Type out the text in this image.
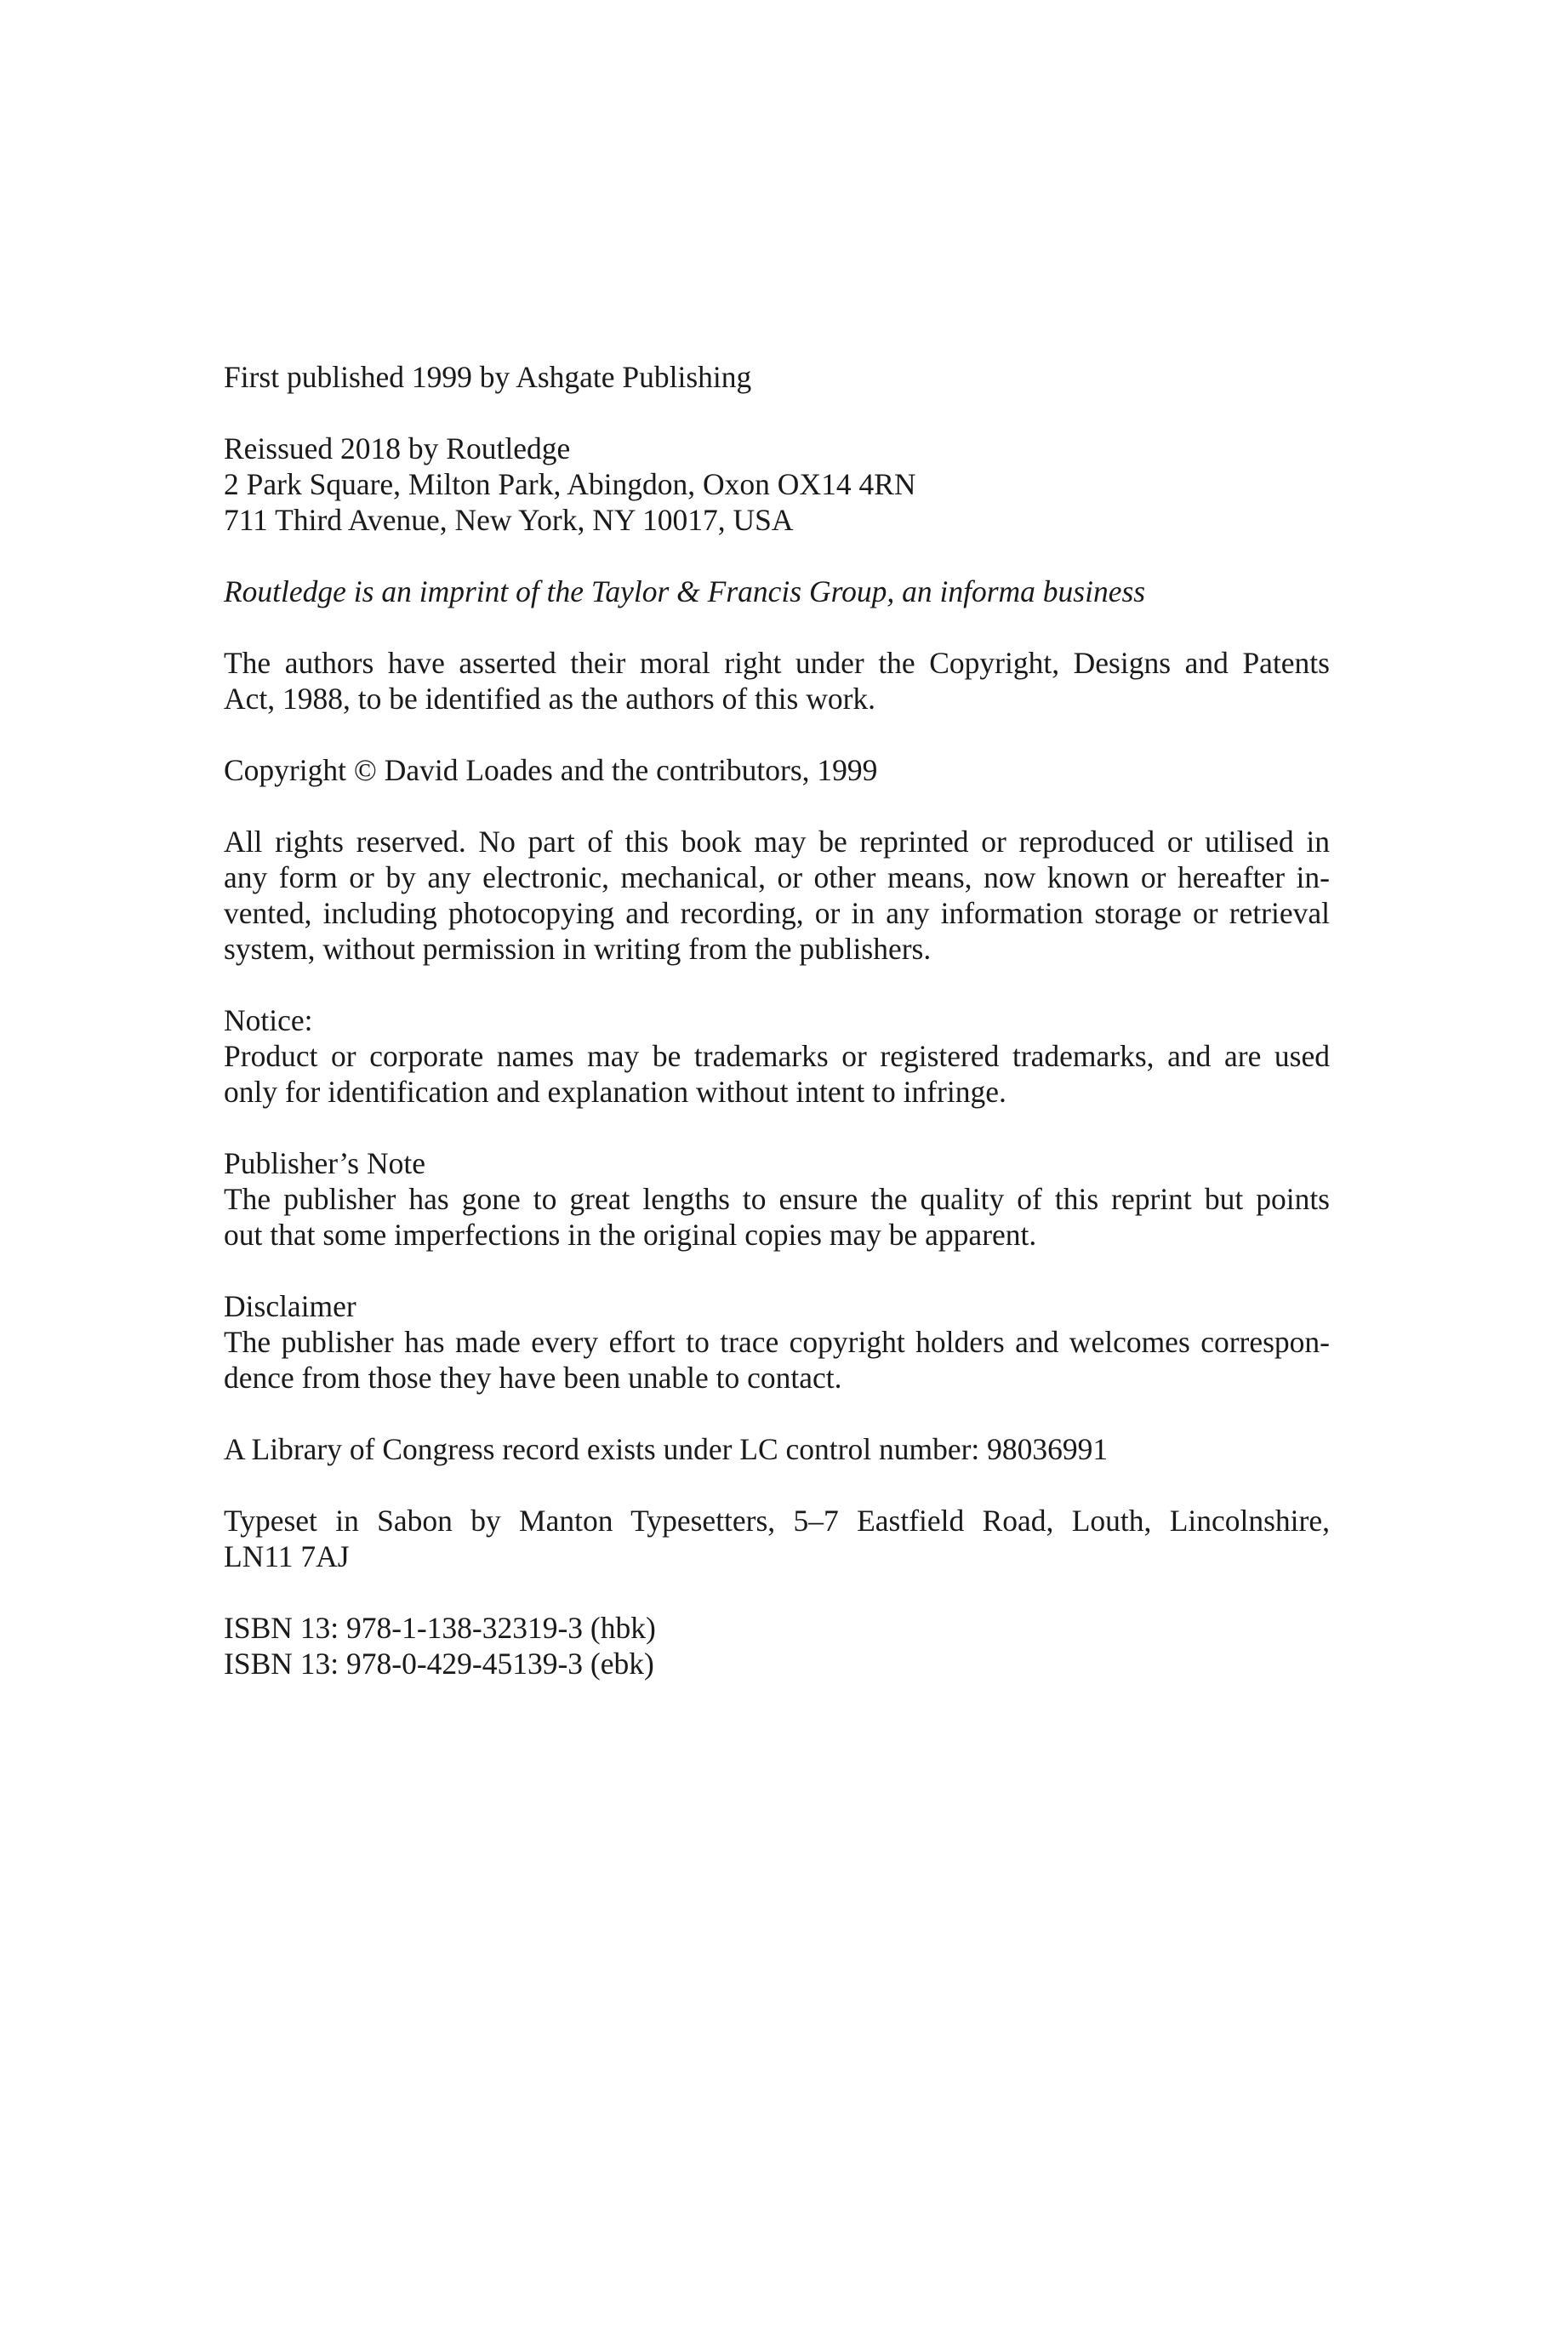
First published 1999 by Ashgate Publishing

Reissued 2018 by Routledge
2 Park Square, Milton Park, Abingdon, Oxon OX14 4RN
711 Third Avenue, New York, NY 10017, USA

Routledge is an imprint of the Taylor & Francis Group, an informa business

The authors have asserted their moral right under the Copyright, Designs and Patents
Act, 1988, to be identified as the authors of this work.

Copyright © David Loades and the contributors, 1999

All rights reserved. No part of this book may be reprinted or reproduced or utilised in
any form or by any electronic, mechanical, or other means, now known or hereafter in-
vented, including photocopying and recording, or in any information storage or retrieval
system, without permission in writing from the publishers.

Notice:
Product or corporate names may be trademarks or registered trademarks, and are used
only for identification and explanation without intent to infringe.

Publisher’s Note
The publisher has gone to great lengths to ensure the quality of this reprint but points
out that some imperfections in the original copies may be apparent.

Disclaimer
The publisher has made every effort to trace copyright holders and welcomes correspon-
dence from those they have been unable to contact.

A Library of Congress record exists under LC control number: 98036991

Typeset in Sabon by Manton Typesetters, 5–7 Eastfield Road, Louth, Lincolnshire,
LN11 7AJ

ISBN 13: 978-1-138-32319-3 (hbk)
ISBN 13: 978-0-429-45139-3 (ebk)
